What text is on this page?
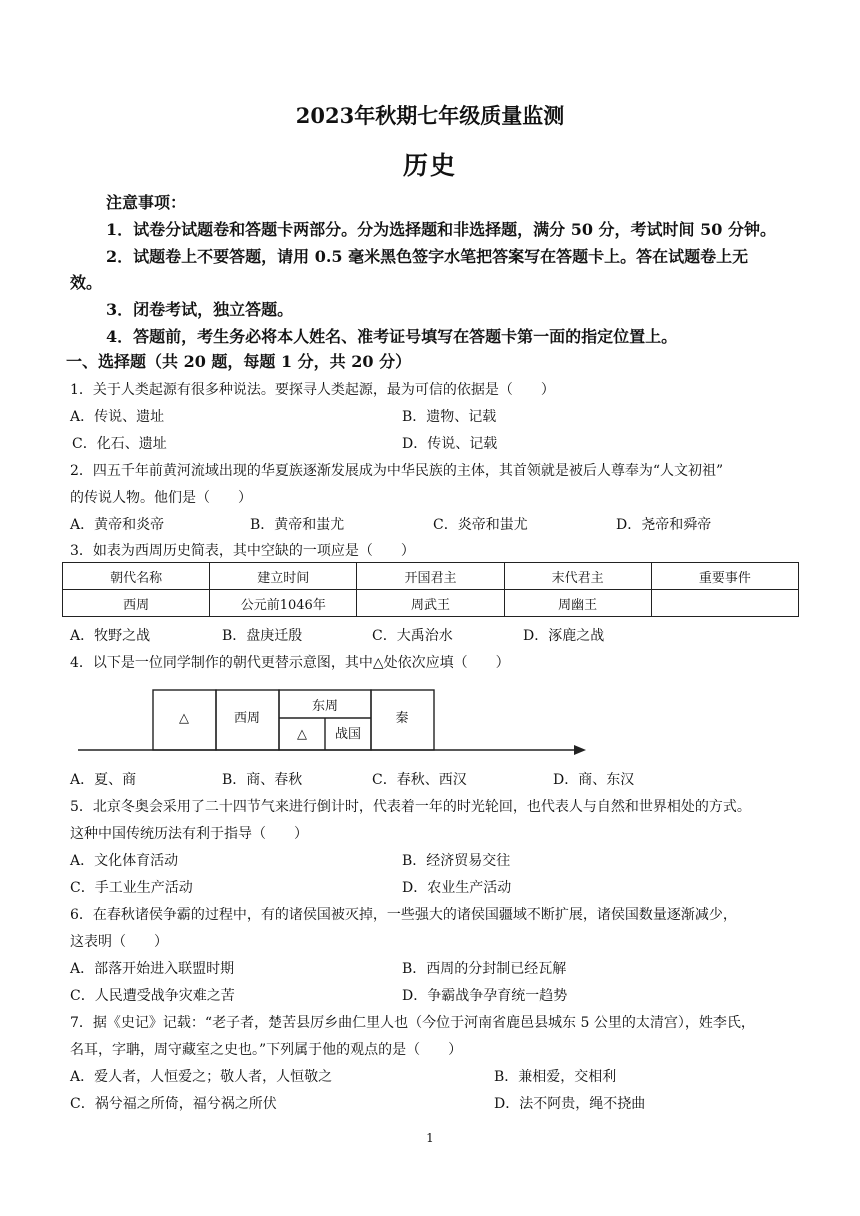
2023年秋期七年级质量监测
历史
注意事项：
1．试卷分试题卷和答题卡两部分。分为选择题和非选择题，满分 50 分，考试时间 50 分钟。
2．试题卷上不要答题，请用 0.5 毫米黑色签字水笔把答案写在答题卡上。答在试题卷上无
效。
3．闭卷考试，独立答题。
4．答题前，考生务必将本人姓名、准考证号填写在答题卡第一面的指定位置上。
一、选择题（共 20 题，每题 1 分，共 20 分）
1．关于人类起源有很多种说法。要探寻人类起源，最为可信的依据是（　　）
A．传说、遗址	B．遗物、记载
C．化石、遗址	D．传说、记载
2．四五千年前黄河流域出现的华夏族逐渐发展成为中华民族的主体，其首领就是被后人尊奉为“人文初祖”
的传说人物。他们是（　　）
A．黄帝和炎帝	B．黄帝和蚩尤	C．炎帝和蚩尤	D．尧帝和舜帝
3．如表为西周历史简表，其中空缺的一项应是（　　）
朝代名称	建立时间	开国君主	末代君主	重要事件
西周	公元前1046年	周武王	周幽王	
A．牧野之战	B．盘庚迁殷	C．大禹治水	D．涿鹿之战
4．以下是一位同学制作的朝代更替示意图，其中△处依次应填（　　）
△	西周
东周
△ 战国
秦
A．夏、商	B．商、春秋	C．春秋、西汉	D．商、东汉
5．北京冬奥会采用了二十四节气来进行倒计时，代表着一年的时光轮回，也代表人与自然和世界相处的方式。
这种中国传统历法有利于指导（　　）
A．文化体育活动	B．经济贸易交往
C．手工业生产活动	D．农业生产活动
6．在春秋诸侯争霸的过程中，有的诸侯国被灭掉，一些强大的诸侯国疆域不断扩展，诸侯国数量逐渐减少，
这表明（　　）
A．部落开始进入联盟时期	B．西周的分封制已经瓦解
C．人民遭受战争灾难之苦	D．争霸战争孕育统一趋势
7．据《史记》记载：“老子者，楚苦县厉乡曲仁里人也（今位于河南省鹿邑县城东 5 公里的太清宫），姓李氏，
名耳，字聃，周守藏室之史也。”下列属于他的观点的是（　　）
A．爱人者，人恒爱之；敬人者，人恒敬之	B．兼相爱，交相利
C．祸兮福之所倚，福兮祸之所伏	D．法不阿贵，绳不挠曲
1
